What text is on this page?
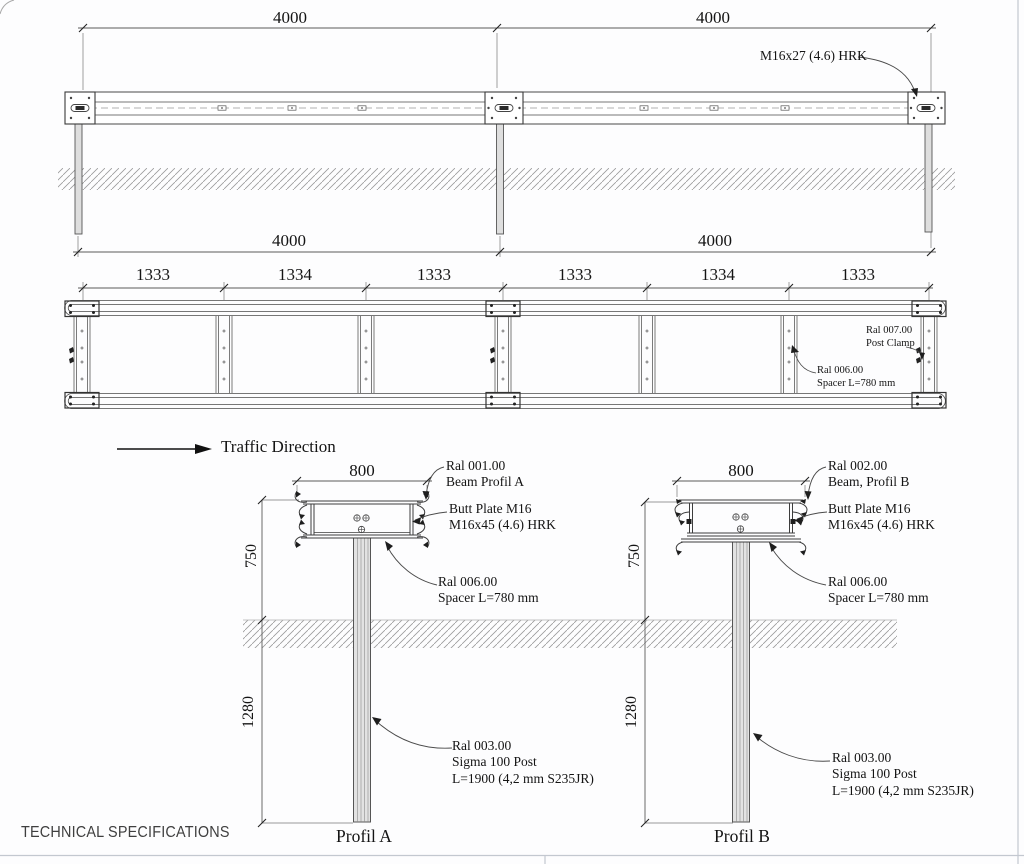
4000	4000
4000	4000
M16x27 (4.6) HRK
1333	1334	1333	1333	1334	1333
Ral 007.00
Post Clamp
Ral 006.00
Spacer L=780 mm
Traffic Direction
800	800
750
1280
750
1280
Ral 001.00
Beam Profil A
Butt Plate M16
M16x45 (4.6) HRK
Ral 006.00
Spacer L=780 mm
Ral 003.00
Sigma 100 Post
L=1900 (4,2 mm S235JR)
Ral 002.00
Beam, Profil B
Butt Plate M16
M16x45 (4.6) HRK
Ral 006.00
Spacer L=780 mm
Ral 003.00
Sigma 100 Post
L=1900 (4,2 mm S235JR)
Profil A	Profil B
TECHNICAL SPECIFICATIONS
